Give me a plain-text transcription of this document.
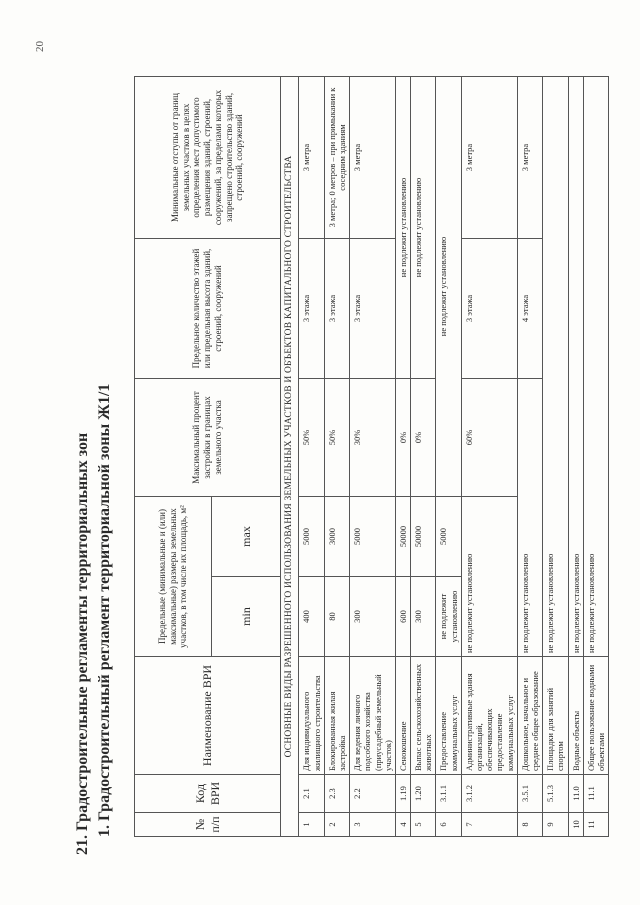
20
21. Градостроительные регламенты территориальных зон 1. Градостроительный регламент территориальной зоны Ж1/1	№ п/п	Код ВРИ	Наименование ВРИ	Предельные (минимальные и (или) максимальные) размеры земельных участков, в том числе их площадь, м²		Максимальный процент застройки в границах земельного участка	Предельное количество этажей или предельная высота зданий, строений, сооружений	Минимальные отступы от границ земельных участков в целях определения мест допустимого размещения зданий, строений, сооружений, за пределами которых запрещено строительство зданий, строений, сооружений
			min	max			
ОСНОВНЫЕ ВИДЫ РАЗРЕШЕННОГО ИСПОЛЬЗОВАНИЯ ЗЕМЕЛЬНЫХ УЧАСТКОВ И ОБЪЕКТОВ КАПИТАЛЬНОГО СТРОИТЕЛЬСТВА							
1	2.1	Для индивидуального жилищного строительства	400	5000	50%	3 этажа	3 метра
2	2.3	Блокированная жилая застройка	80	3000	50%	3 этажа	3 метра; 0 метров – при примыкании к соседним зданиям
3	2.2	Для ведения личного подсобного хозяйства (приусадебный земельный участок)	300	5000	30%	3 этажа	3 метра
4	1.19	Сенокошение	600	50000	0%	не подлежит установлению	
5	1.20	Выпас сельскохозяйственных животных	300	50000	0%	не подлежит установлению	
6	3.1.1	Предоставление коммунальных услуг	не подлежит установлению	5000	не подлежит установлению		
7	3.1.2	Административные здания организаций, обеспечивающих предоставление коммунальных услуг	не подлежит установлению		60%	3 этажа	3 метра
8	3.5.1	Дошкольное, начальное и среднее общее образование	не подлежит установлению			4 этажа	3 метра
9	5.1.3	Площадки для занятий спортом	не подлежит установлению				
10	11.0	Водные объекты	не подлежит установлению				
11	11.1	Общее пользование водными объектами	не подлежит установлению				
